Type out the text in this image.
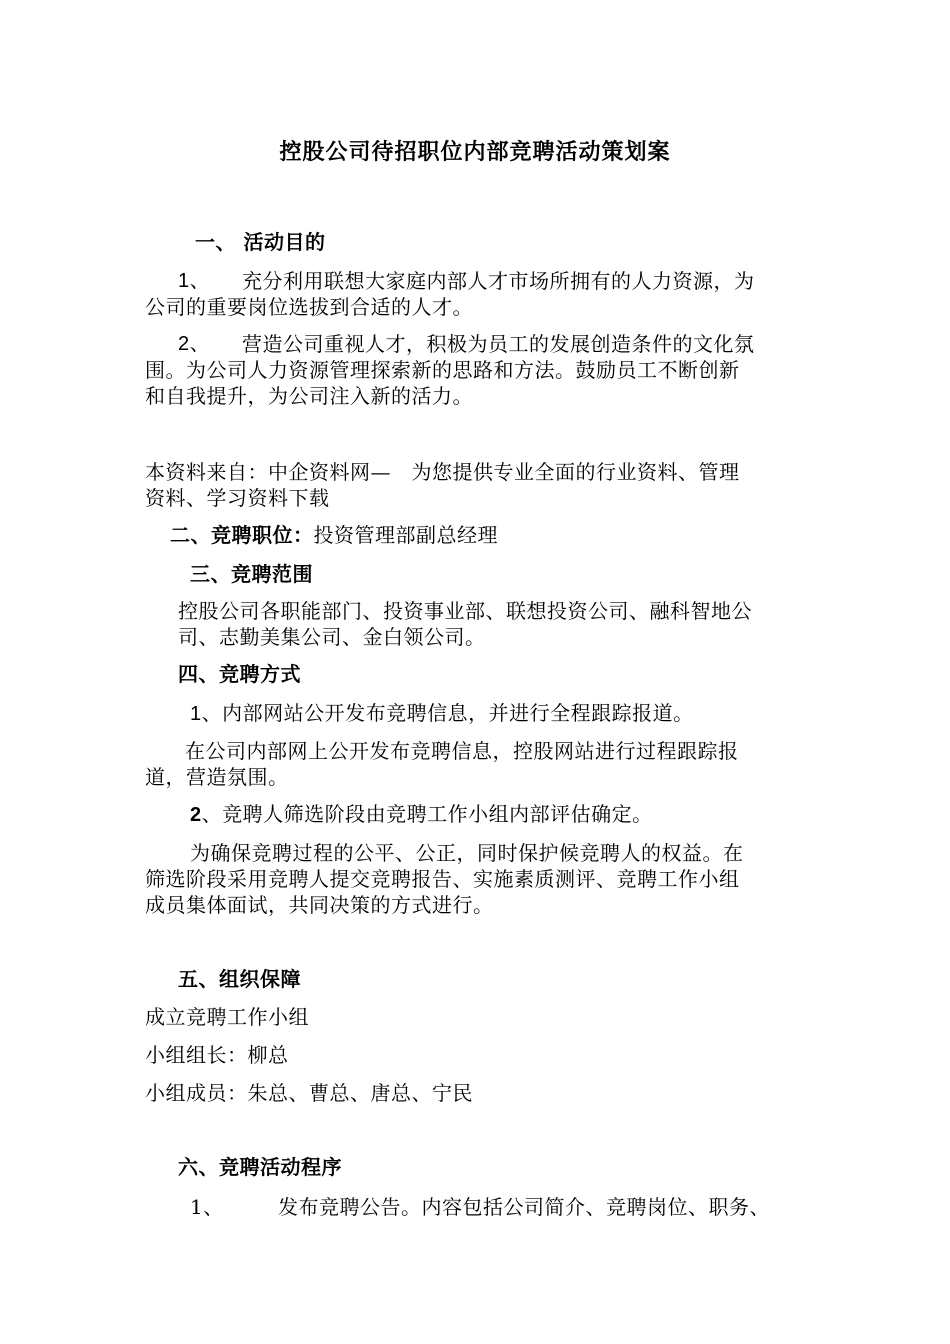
控股公司待招职位内部竞聘活动策划案
一、 活动目的
1、 充分利用联想大家庭内部人才市场所拥有的人力资源，为
公司的重要岗位选拔到合适的人才。
2、 营造公司重视人才，积极为员工的发展创造条件的文化氛
围。为公司人力资源管理探索新的思路和方法。鼓励员工不断创新
和自我提升，为公司注入新的活力。
本资料来自：中企资料网—　为您提供专业全面的行业资料、管理
资料、学习资料下载
二、竞聘职位：投资管理部副总经理
三、竞聘范围
控股公司各职能部门、投资事业部、联想投资公司、融科智地公
司、志勤美集公司、金白领公司。
四、竞聘方式
1、内部网站公开发布竞聘信息，并进行全程跟踪报道。
在公司内部网上公开发布竞聘信息，控股网站进行过程跟踪报
道，营造氛围。
2、竞聘人筛选阶段由竞聘工作小组内部评估确定。
为确保竞聘过程的公平、公正，同时保护候竞聘人的权益。在
筛选阶段采用竞聘人提交竞聘报告、实施素质测评、竞聘工作小组
成员集体面试，共同决策的方式进行。
五、组织保障
成立竞聘工作小组
小组组长：柳总
小组成员：朱总、曹总、唐总、宁民
六、竞聘活动程序
1、	发布竞聘公告。内容包括公司简介、竞聘岗位、职务、
